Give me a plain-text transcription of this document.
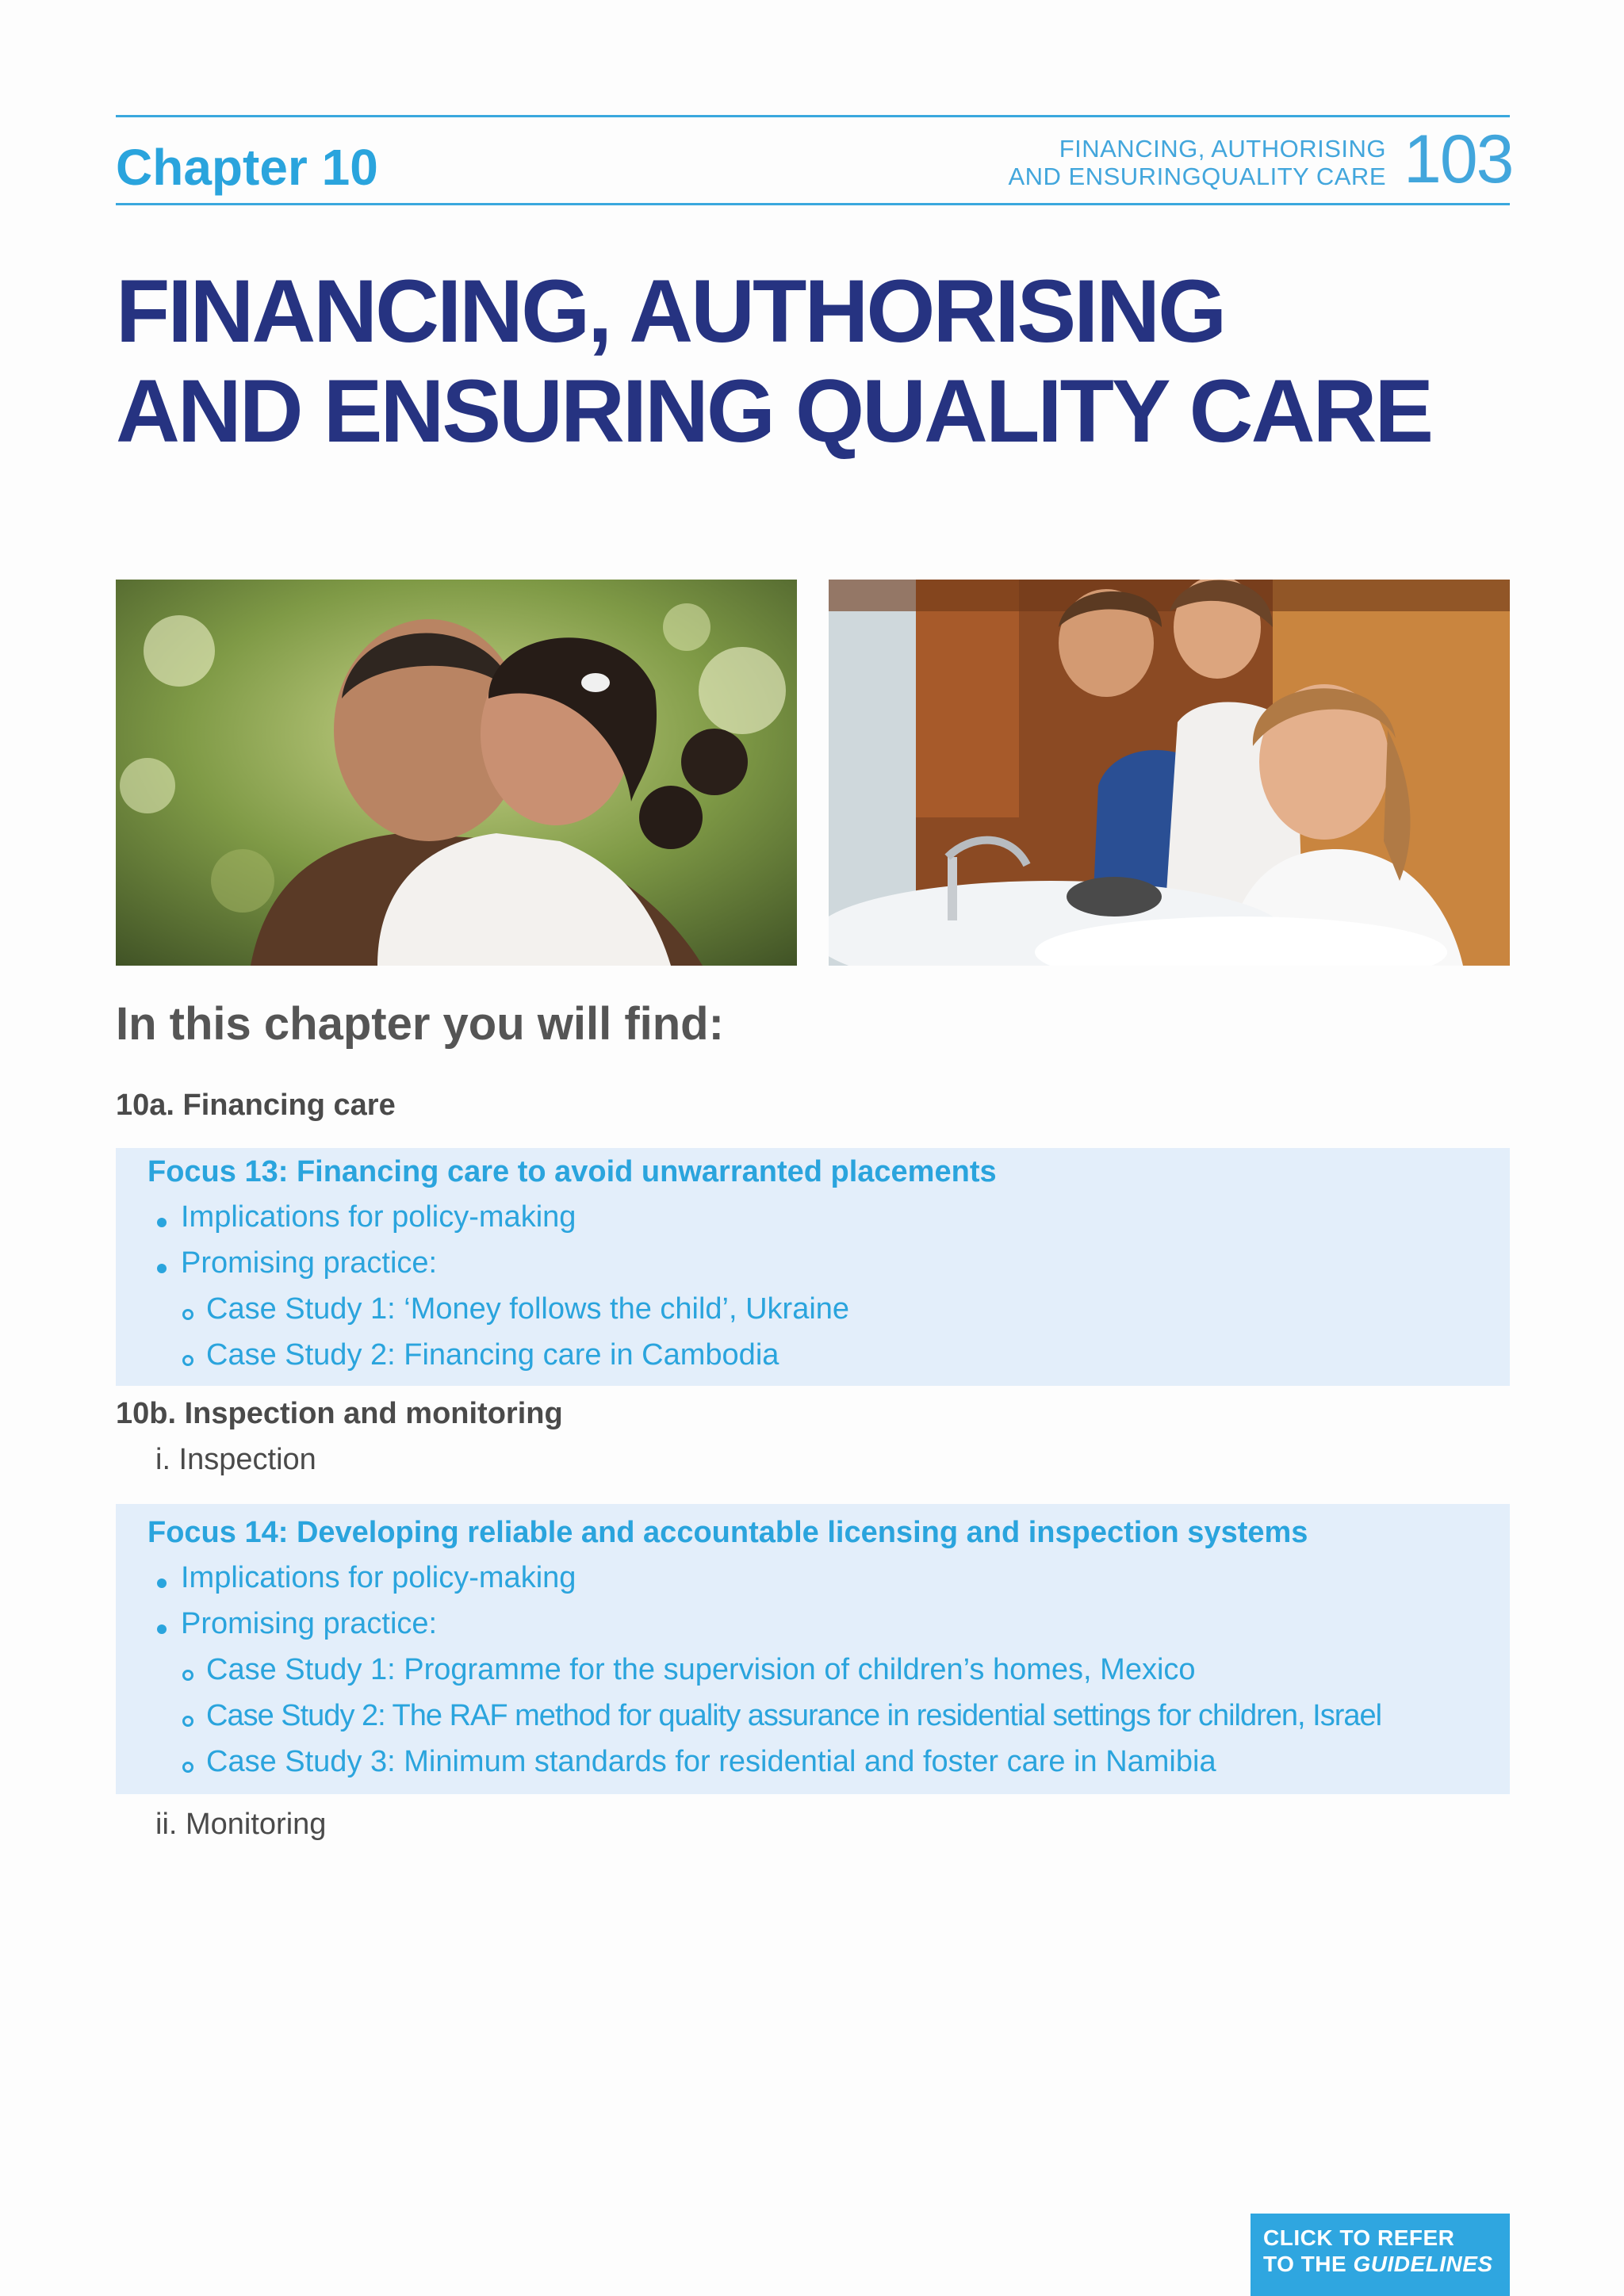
Chapter 10	FINANCING, AUTHORISING
AND ENSURINGQUALITY CARE 103
FINANCING, AUTHORISING
AND ENSURING QUALITY CARE
In this chapter you will find:
10a. Financing care
Focus 13: Financing care to avoid unwarranted placements
Implications for policy-making
Promising practice:
Case Study 1: ‘Money follows the child’, Ukraine
Case Study 2: Financing care in Cambodia
10b. Inspection and monitoring
i. Inspection
Focus 14: Developing reliable and accountable licensing and inspection systems
Implications for policy-making
Promising practice:
Case Study 1: Programme for the supervision of children’s homes, Mexico
Case Study 2: The RAF method for quality assurance in residential settings for children, Israel
Case Study 3: Minimum standards for residential and foster care in Namibia
ii. Monitoring
CLICK TO REFER
TO THE GUIDELINES
